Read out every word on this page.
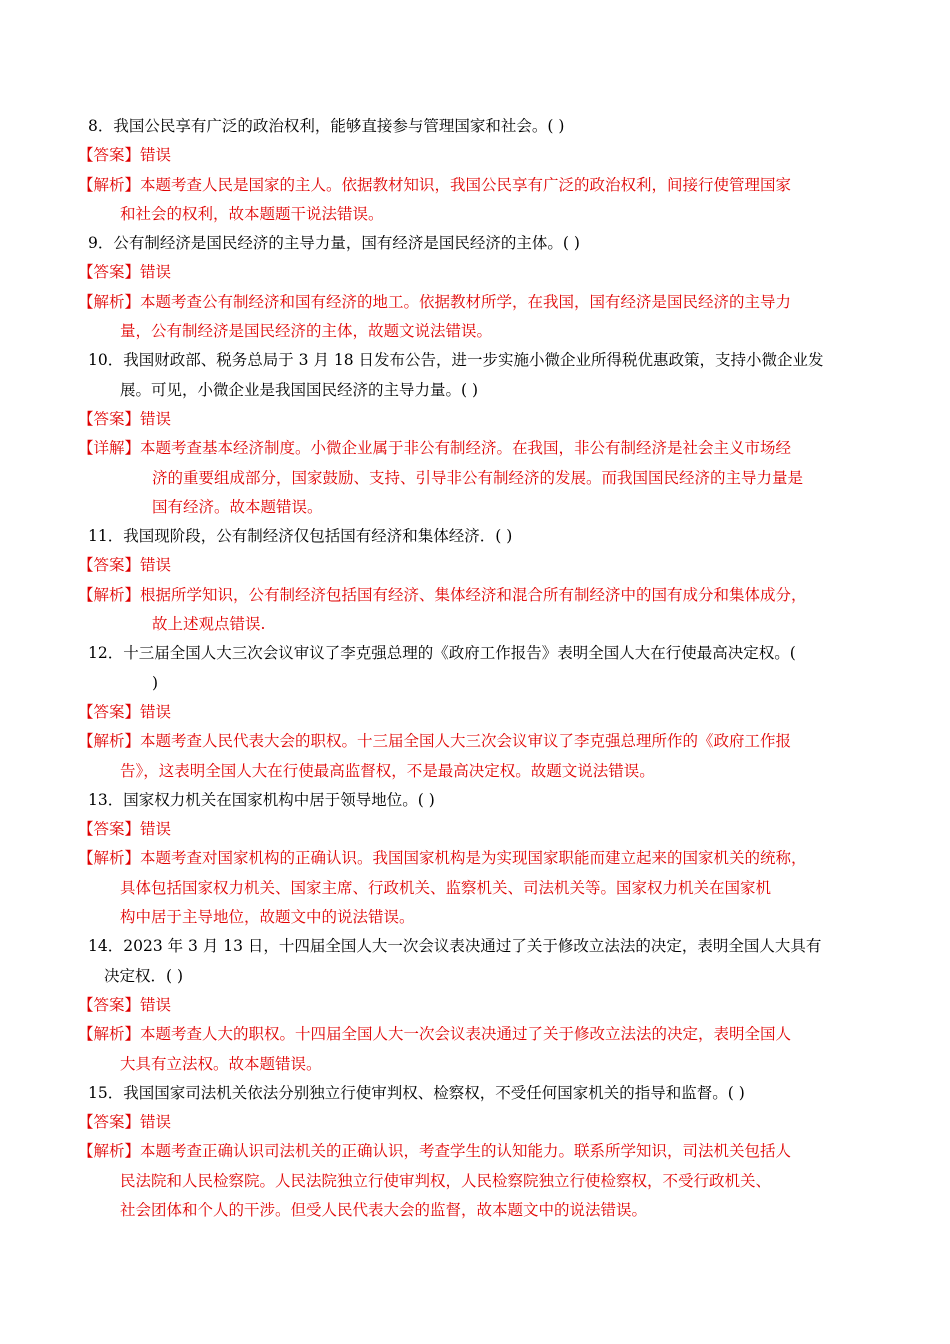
8．我国公民享有广泛的政治权利，能够直接参与管理国家和社会。( )
【答案】错误
【解析】本题考查人民是国家的主人。依据教材知识，我国公民享有广泛的政治权利，间接行使管理国家
和社会的权利，故本题题干说法错误。
9．公有制经济是国民经济的主导力量，国有经济是国民经济的主体。( )
【答案】错误
【解析】本题考查公有制经济和国有经济的地工。依据教材所学，在我国，国有经济是国民经济的主导力
量，公有制经济是国民经济的主体，故题文说法错误。
10．我国财政部、税务总局于 3 月 18 日发布公告，进一步实施小微企业所得税优惠政策，支持小微企业发
展。可见，小微企业是我国国民经济的主导力量。( )
【答案】错误
【详解】本题考查基本经济制度。小微企业属于非公有制经济。在我国，非公有制经济是社会主义市场经
济的重要组成部分，国家鼓励、支持、引导非公有制经济的发展。而我国国民经济的主导力量是
国有经济。故本题错误。
11．我国现阶段，公有制经济仅包括国有经济和集体经济．( )
【答案】错误
【解析】根据所学知识，公有制经济包括国有经济、集体经济和混合所有制经济中的国有成分和集体成分，
故上述观点错误.
12．十三届全国人大三次会议审议了李克强总理的《政府工作报告》表明全国人大在行使最高决定权。(
)
【答案】错误
【解析】本题考查人民代表大会的职权。十三届全国人大三次会议审议了李克强总理所作的《政府工作报
告》，这表明全国人大在行使最高监督权，不是最高决定权。故题文说法错误。
13．国家权力机关在国家机构中居于领导地位。( )
【答案】错误
【解析】本题考查对国家机构的正确认识。我国国家机构是为实现国家职能而建立起来的国家机关的统称，
具体包括国家权力机关、国家主席、行政机关、监察机关、司法机关等。国家权力机关在国家机
构中居于主导地位，故题文中的说法错误。
14．2023 年 3 月 13 日，十四届全国人大一次会议表决通过了关于修改立法法的决定，表明全国人大具有
决定权．( )
【答案】错误
【解析】本题考查人大的职权。十四届全国人大一次会议表决通过了关于修改立法法的决定，表明全国人
大具有立法权。故本题错误。
15．我国国家司法机关依法分别独立行使审判权、检察权，不受任何国家机关的指导和监督。( )
【答案】错误
【解析】本题考查正确认识司法机关的正确认识，考查学生的认知能力。联系所学知识，司法机关包括人
民法院和人民检察院。人民法院独立行使审判权，人民检察院独立行使检察权，不受行政机关、
社会团体和个人的干涉。但受人民代表大会的监督，故本题文中的说法错误。
